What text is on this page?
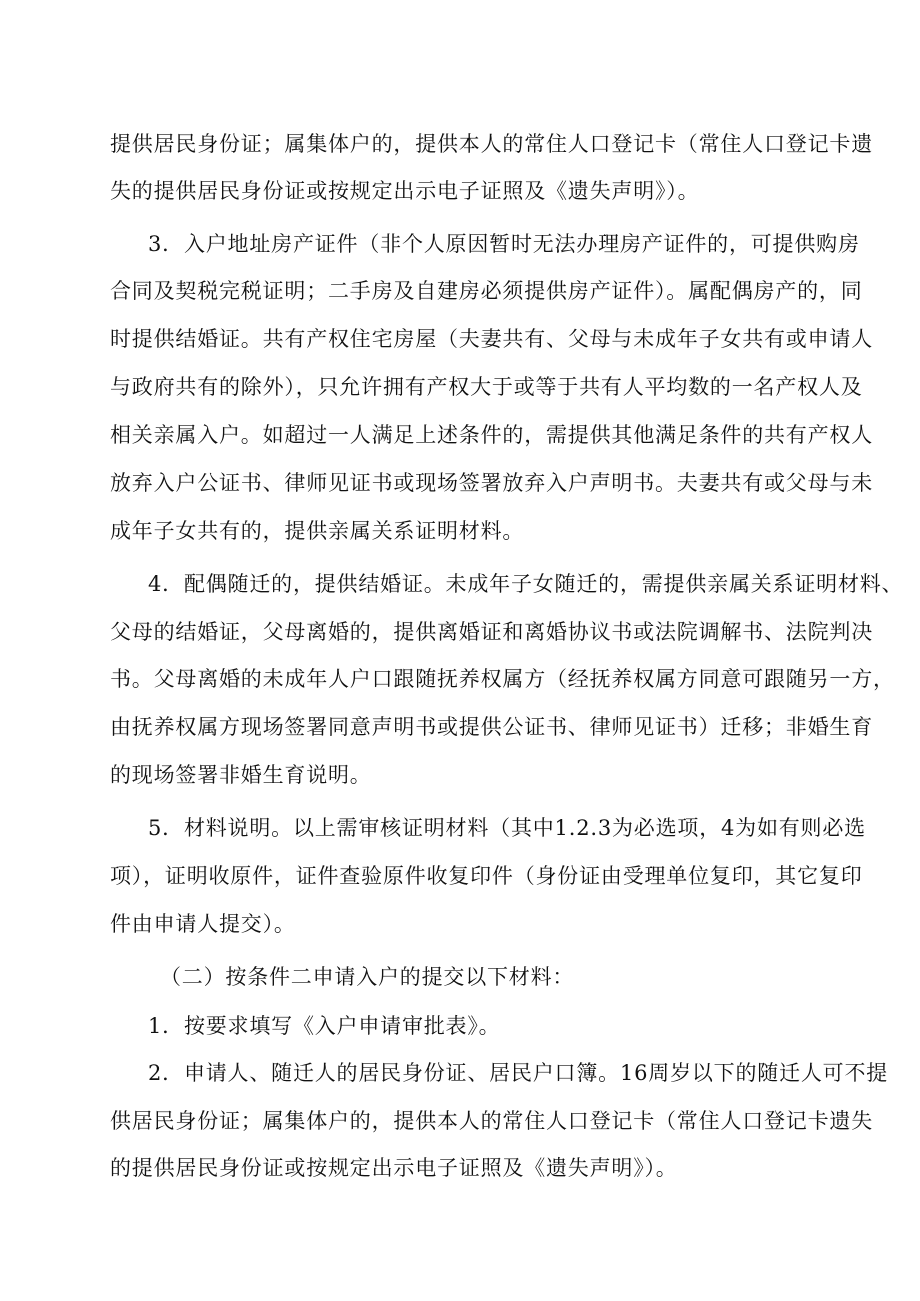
提供居民身份证；属集体户的，提供本人的常住人口登记卡（常住人口登记卡遗
失的提供居民身份证或按规定出示电子证照及《遗失声明》）。
3．入户地址房产证件（非个人原因暂时无法办理房产证件的，可提供购房
合同及契税完税证明；二手房及自建房必须提供房产证件）。属配偶房产的，同
时提供结婚证。共有产权住宅房屋（夫妻共有、父母与未成年子女共有或申请人
与政府共有的除外），只允许拥有产权大于或等于共有人平均数的一名产权人及
相关亲属入户。如超过一人满足上述条件的，需提供其他满足条件的共有产权人
放弃入户公证书、律师见证书或现场签署放弃入户声明书。夫妻共有或父母与未
成年子女共有的，提供亲属关系证明材料。
4．配偶随迁的，提供结婚证。未成年子女随迁的，需提供亲属关系证明材料、
父母的结婚证，父母离婚的，提供离婚证和离婚协议书或法院调解书、法院判决
书。父母离婚的未成年人户口跟随抚养权属方（经抚养权属方同意可跟随另一方，
由抚养权属方现场签署同意声明书或提供公证书、律师见证书）迁移；非婚生育
的现场签署非婚生育说明。
5．材料说明。以上需审核证明材料（其中1.2.3为必选项，4为如有则必选
项），证明收原件，证件查验原件收复印件（身份证由受理单位复印，其它复印
件由申请人提交）。
（二）按条件二申请入户的提交以下材料：
1．按要求填写《入户申请审批表》。
2．申请人、随迁人的居民身份证、居民户口簿。16周岁以下的随迁人可不提
供居民身份证；属集体户的，提供本人的常住人口登记卡（常住人口登记卡遗失
的提供居民身份证或按规定出示电子证照及《遗失声明》）。
